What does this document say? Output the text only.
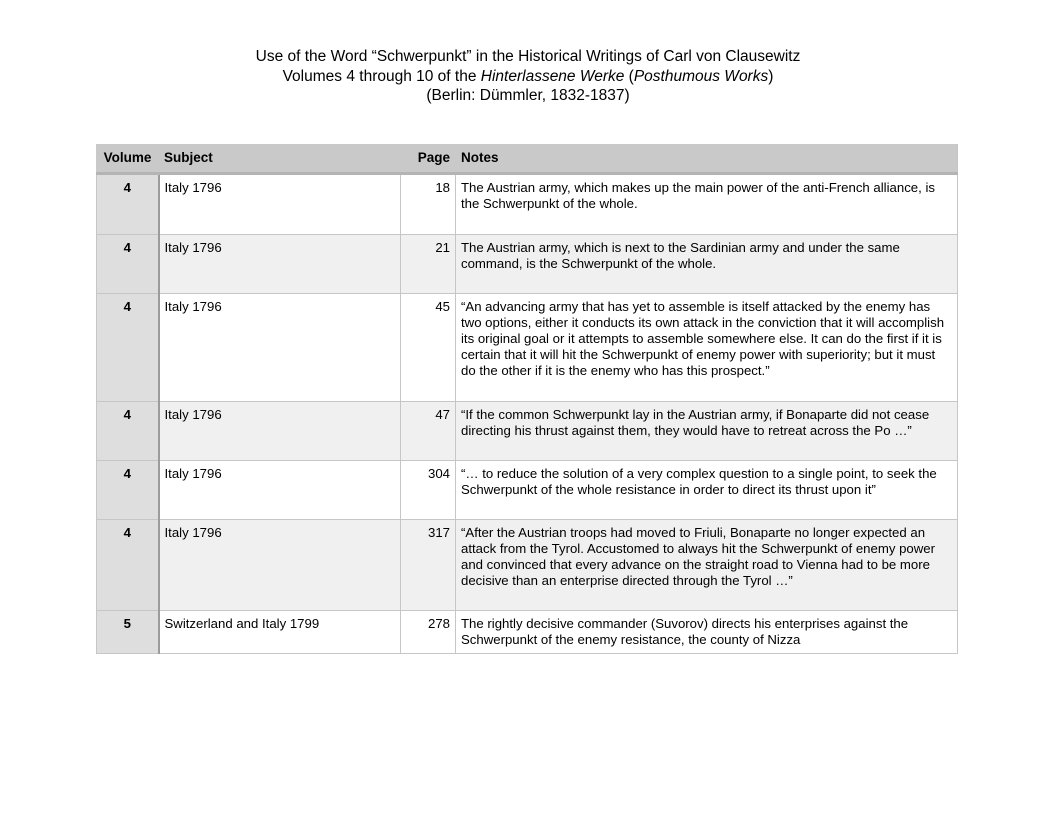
Use of the Word “Schwerpunkt” in the Historical Writings of Carl von Clausewitz
Volumes 4 through 10 of the Hinterlassene Werke (Posthumous Works)
(Berlin: Dümmler, 1832-1837)
Volume	Subject	Page	Notes
4	Italy 1796	18	The Austrian army, which makes up the main power of the anti-French alliance, is the Schwerpunkt of the whole.
4	Italy 1796	21	The Austrian army, which is next to the Sardinian army and under the same command, is the Schwerpunkt of the whole.
4	Italy 1796	45	“An advancing army that has yet to assemble is itself attacked by the enemy has two options, either it conducts its own attack in the conviction that it will accomplish its original goal or it attempts to assemble somewhere else. It can do the first if it is certain that it will hit the Schwerpunkt of enemy power with superiority; but it must do the other if it is the enemy who has this prospect.”
4	Italy 1796	47	“If the common Schwerpunkt lay in the Austrian army, if Bonaparte did not cease directing his thrust against them, they would have to retreat across the Po …”
4	Italy 1796	304	“… to reduce the solution of a very complex question to a single point, to seek the Schwerpunkt of the whole resistance in order to direct its thrust upon it”
4	Italy 1796	317	“After the Austrian troops had moved to Friuli, Bonaparte no longer expected an attack from the Tyrol. Accustomed to always hit the Schwerpunkt of enemy power and convinced that every advance on the straight road to Vienna had to be more decisive than an enterprise directed through the Tyrol …”
5	Switzerland and Italy 1799	278	The rightly decisive commander (Suvorov) directs his enterprises against the Schwerpunkt of the enemy resistance, the county of Nizza
